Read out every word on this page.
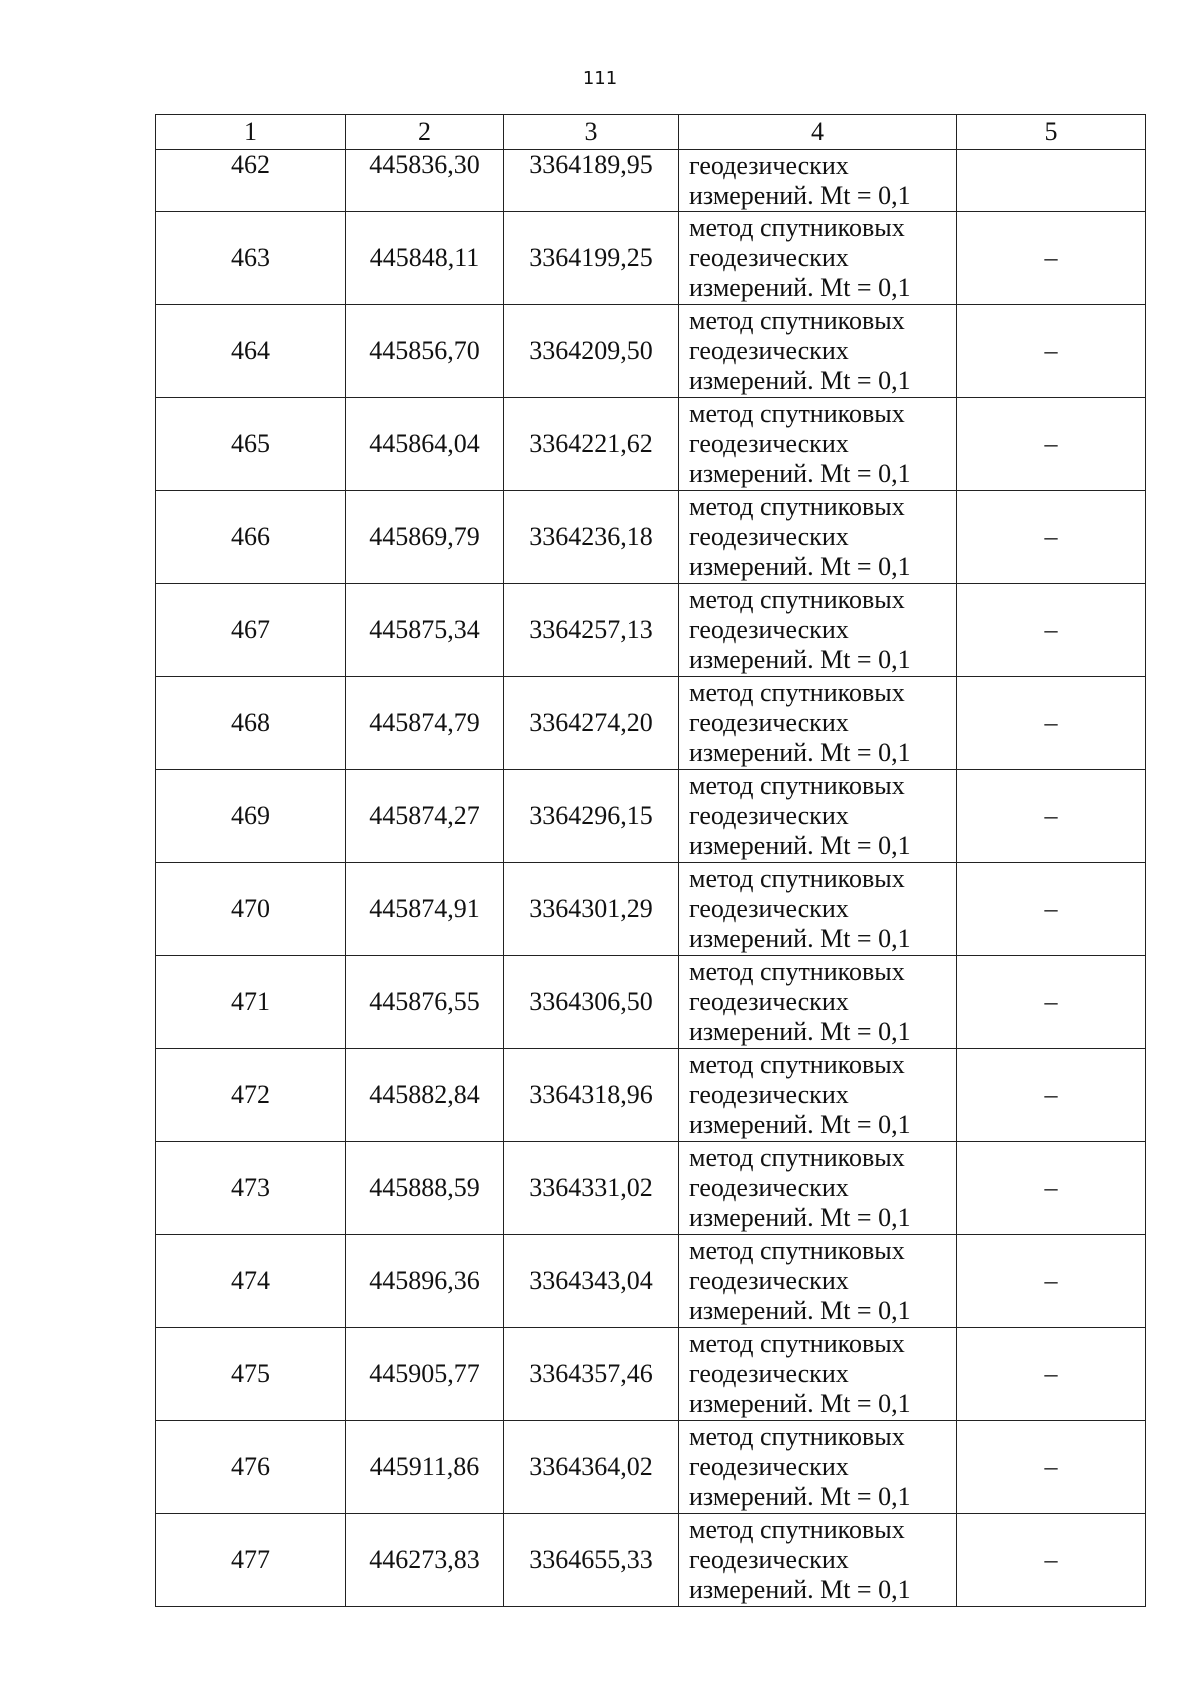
111
1	2	3	4	5
462	445836,30	3364189,95	геодезических
измерений. Mt = 0,1	

463	445848,11	3364199,25	метод спутниковых
геодезических
измерений. Mt = 0,1	–
464	445856,70	3364209,50	метод спутниковых
геодезических
измерений. Mt = 0,1	–
465	445864,04	3364221,62	метод спутниковых
геодезических
измерений. Mt = 0,1	–
466	445869,79	3364236,18	метод спутниковых
геодезических
измерений. Mt = 0,1	–
467	445875,34	3364257,13	метод спутниковых
геодезических
измерений. Mt = 0,1	–
468	445874,79	3364274,20	метод спутниковых
геодезических
измерений. Mt = 0,1	–
469	445874,27	3364296,15	метод спутниковых
геодезических
измерений. Mt = 0,1	–
470	445874,91	3364301,29	метод спутниковых
геодезических
измерений. Mt = 0,1	–
471	445876,55	3364306,50	метод спутниковых
геодезических
измерений. Mt = 0,1	–
472	445882,84	3364318,96	метод спутниковых
геодезических
измерений. Mt = 0,1	–
473	445888,59	3364331,02	метод спутниковых
геодезических
измерений. Mt = 0,1	–
474	445896,36	3364343,04	метод спутниковых
геодезических
измерений. Mt = 0,1	–
475	445905,77	3364357,46	метод спутниковых
геодезических
измерений. Mt = 0,1	–
476	445911,86	3364364,02	метод спутниковых
геодезических
измерений. Mt = 0,1	–
477	446273,83	3364655,33	метод спутниковых
геодезических
измерений. Mt = 0,1	–
